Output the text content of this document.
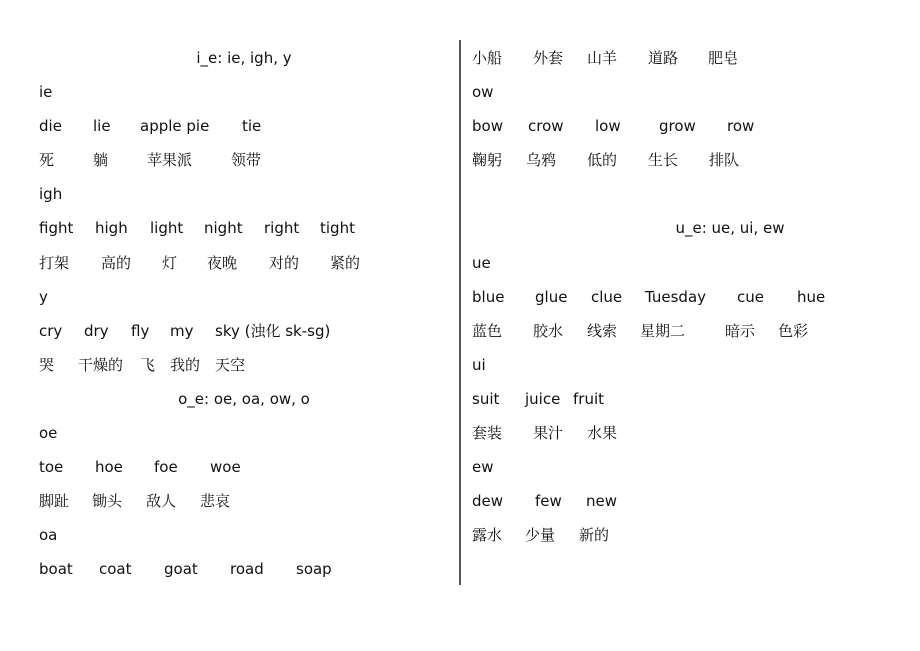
i_e: ie, igh, y
ie
die lie apple pie tie
死	躺	苹果派	领带
igh
fight high light night right tight
打架 高的 灯 夜晚 对的 紧的
y
cry dry fly my sky (浊化 sk-sg)
哭 干燥的 飞 我的 天空
o_e: oe, oa, ow, o
oe
toe hoe foe woe
脚趾 锄头 敌人 悲哀
oa
boat coat goat road soap
小船 外套 山羊 道路 肥皂
ow
bow crow low	grow row
鞠躬 乌鸦 低的 生长 排队
u_e: ue, ui, ew
ue
blue glue clue Tuesday cue hue
蓝色 胶水 线索 星期二	暗示 色彩
ui
suit juice fruit
套装 果汁 水果
ew
dew few new
露水 少量 新的
